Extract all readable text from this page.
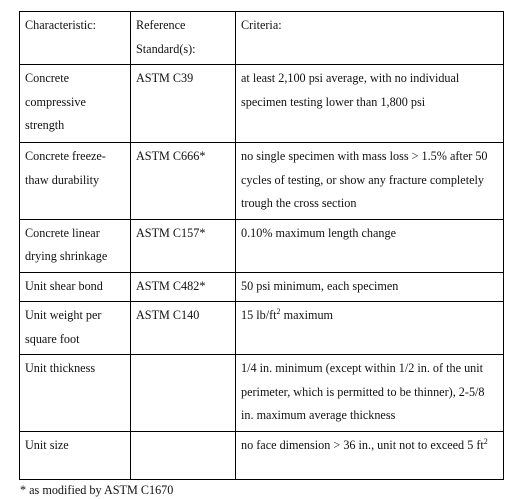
Characteristic:	Reference Standard(s):	Criteria:
Concrete compressive strength	ASTM C39	at least 2,100 psi average, with no individual specimen testing lower than 1,800 psi
Concrete freeze-thaw durability	ASTM C666*	no single specimen with mass loss > 1.5% after 50 cycles of testing, or show any fracture completely trough the cross section
Concrete linear drying shrinkage	ASTM C157*	0.10% maximum length change
Unit shear bond	ASTM C482*	50 psi minimum, each specimen
Unit weight per square foot	ASTM C140	15 $lb/ft^2$ maximum
Unit thickness		1/4 in. minimum (except within 1/2 in. of the unit perimeter, which is permitted to be thinner), 2-5/8 in. maximum average thickness
Unit size		no face dimension > 36 in., unit not to exceed 5 $ft^2$
* as modified by ASTM C1670
